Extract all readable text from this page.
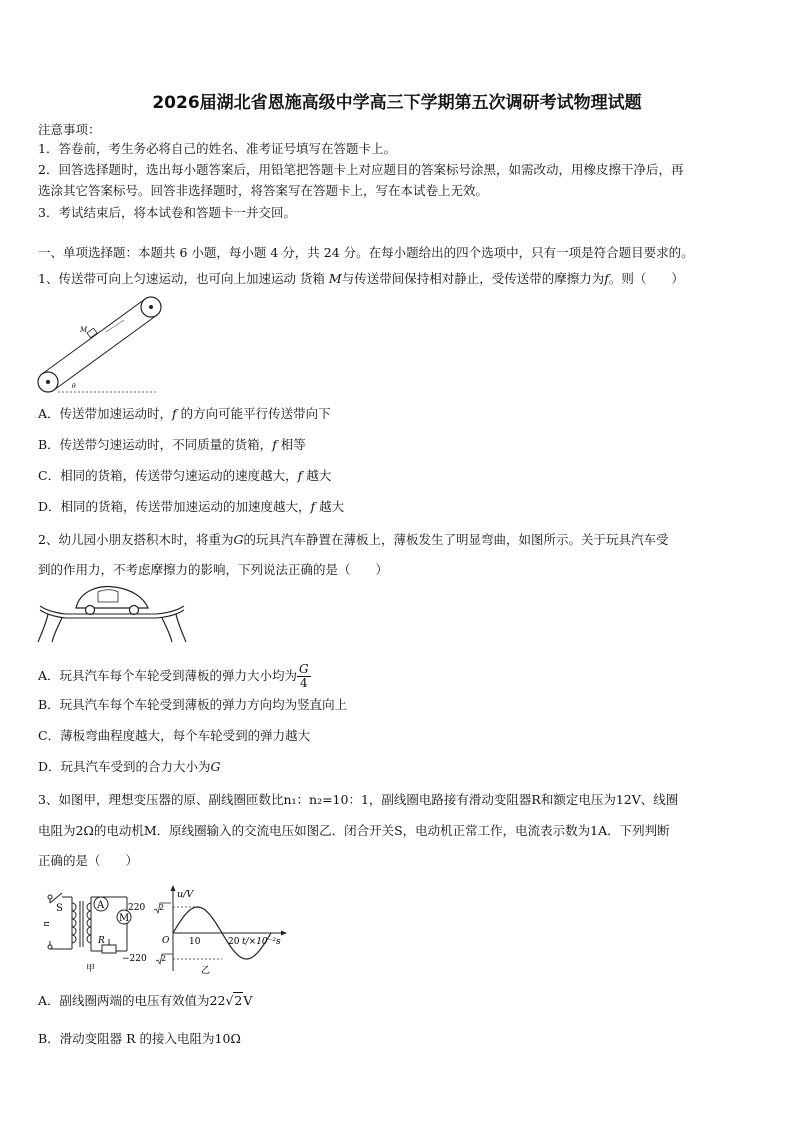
2026届湖北省恩施高级中学高三下学期第五次调研考试物理试题
注意事项：
1．答卷前，考生务必将自己的姓名、准考证号填写在答题卡上。
2．回答选择题时，选出每小题答案后，用铅笔把答题卡上对应题目的答案标号涂黑，如需改动，用橡皮擦干净后，再
选涂其它答案标号。回答非选择题时，将答案写在答题卡上，写在本试卷上无效。
3．考试结束后，将本试卷和答题卡一并交回。
一、单项选择题：本题共 6 小题，每小题 4 分，共 24 分。在每小题给出的四个选项中，只有一项是符合题目要求的。
1、传送带可向上匀速运动，也可向上加速运动 货箱 M与传送带间保持相对静止，受传送带的摩擦力为f。则（　　）
M
θ
A．传送带加速运动时，f 的方向可能平行传送带向下
B．传送带匀速运动时，不同质量的货箱，f 相等
C．相同的货箱，传送带匀速运动的速度越大，f 越大
D．相同的货箱，传送带加速运动的加速度越大，f 越大
2、幼儿园小朋友搭积木时，将重为G的玩具汽车静置在薄板上，薄板发生了明显弯曲，如图所示。关于玩具汽车受
到的作用力，不考虑摩擦力的影响，下列说法正确的是（　　）
A．玩具汽车每个车轮受到薄板的弹力大小均为 $\frac{G}{4}$
B．玩具汽车每个车轮受到薄板的弹力方向均为竖直向上
C．薄板弯曲程度越大，每个车轮受到的弹力越大
D．玩具汽车受到的合力大小为G
3、如图甲，理想变压器的原、副线圈匝数比n₁：n₂=10：1，副线圈电路接有滑动变阻器R和额定电压为12V、线圈
电阻为2Ω的电动机M．原线圈输入的交流电压如图乙．闭合开关S，电动机正常工作，电流表示数为1A．下列判断
正确的是（　　）
S
u
A
M
R
甲
u/V
220 2
−220 2
O 10	20 t/×10⁻²s
乙
A．副线圈两端的电压有效值为22√2V
B．滑动变阻器 R 的接入电阻为10Ω
